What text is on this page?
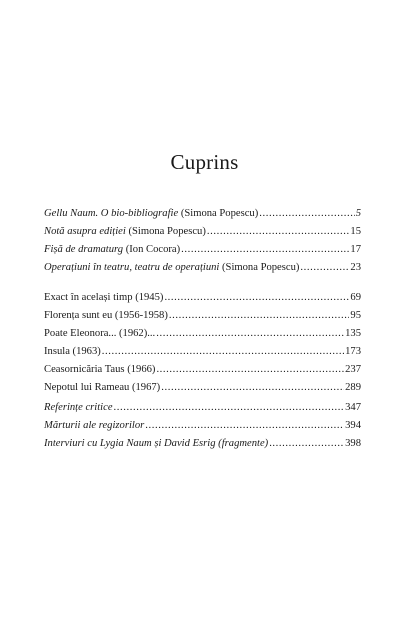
Cuprins
Gellu Naum. O bio-bibliografie (Simona Popescu) .....	5
Notă asupra ediției (Simona Popescu) .....	15
Fișă de dramaturg (Ion Cocora) .....	17
Operațiuni în teatru, teatru de operațiuni (Simona Popescu) .....	23
Exact în același timp (1945) .....	69
Florența sunt eu (1956-1958) .....	95
Poate Eleonora... (1962)... .....	135
Insula (1963) .....	173
Ceasornicăria Taus (1966) .....	237
Nepotul lui Rameau (1967) .....	289
Referințe critice .....	347
Mărturii ale regizorilor .....	394
Interviuri cu Lygia Naum și David Esrig (fragmente) .....	398
